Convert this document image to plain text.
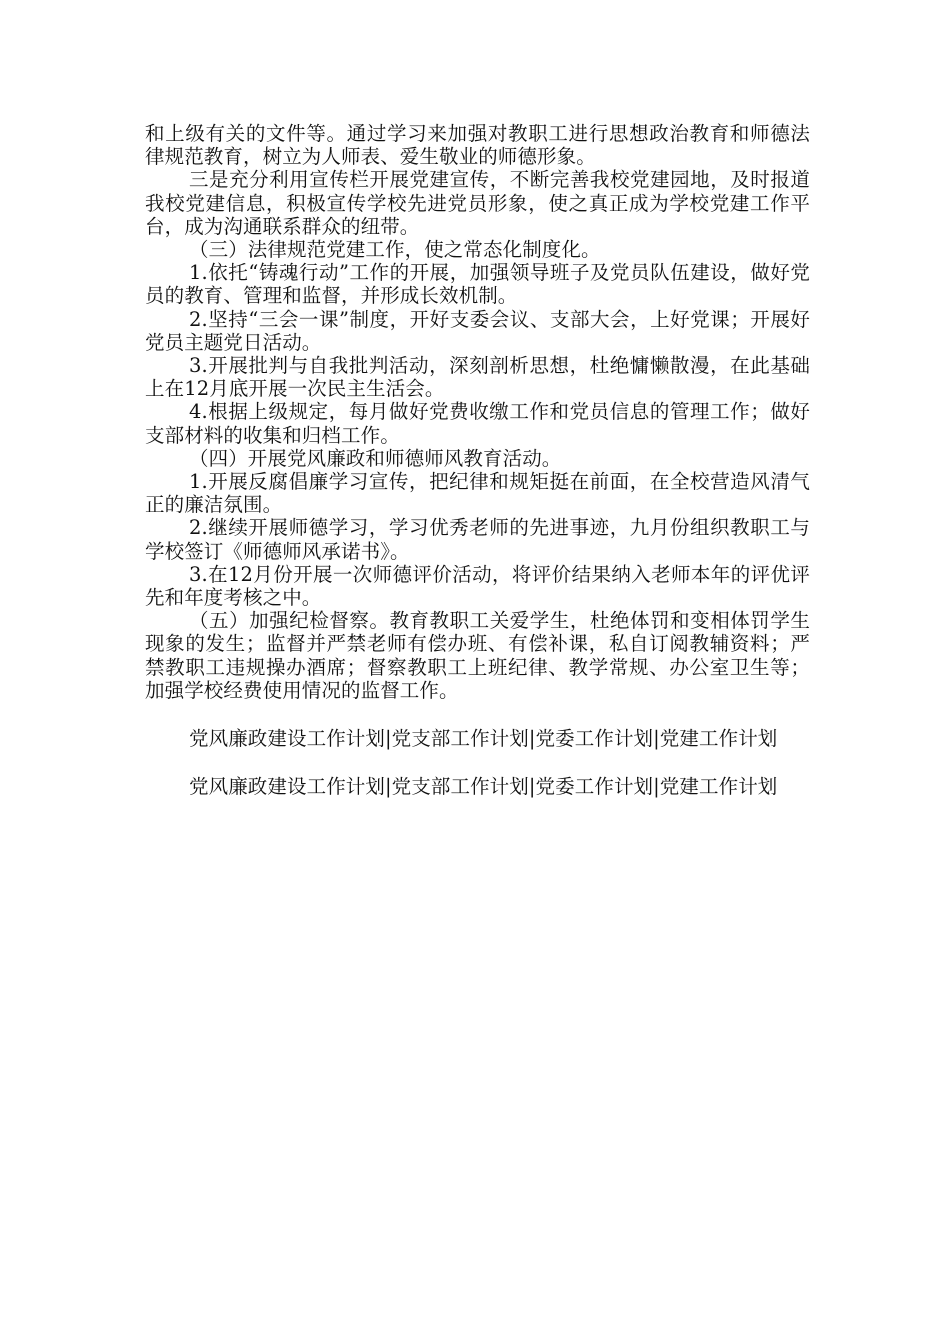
和上级有关的文件等。通过学习来加强对教职工进行思想政治教育和师德法律规范教育，树立为人师表、爱生敬业的师德形象。

三是充分利用宣传栏开展党建宣传，不断完善我校党建园地，及时报道我校党建信息，积极宣传学校先进党员形象，使之真正成为学校党建工作平台，成为沟通联系群众的纽带。

（三）法律规范党建工作，使之常态化制度化。

1.依托“铸魂行动”工作的开展，加强领导班子及党员队伍建设，做好党员的教育、管理和监督，并形成长效机制。

2.坚持“三会一课”制度，开好支委会议、支部大会，上好党课；开展好党员主题党日活动。

3.开展批判与自我批判活动，深刻剖析思想，杜绝慵懒散漫，在此基础上在12月底开展一次民主生活会。

4.根据上级规定，每月做好党费收缴工作和党员信息的管理工作；做好支部材料的收集和归档工作。

（四）开展党风廉政和师德师风教育活动。

1.开展反腐倡廉学习宣传，把纪律和规矩挺在前面，在全校营造风清气正的廉洁氛围。

2.继续开展师德学习，学习优秀老师的先进事迹，九月份组织教职工与学校签订《师德师风承诺书》。

3.在12月份开展一次师德评价活动，将评价结果纳入老师本年的评优评先和年度考核之中。

（五）加强纪检督察。教育教职工关爱学生，杜绝体罚和变相体罚学生现象的发生；监督并严禁老师有偿办班、有偿补课，私自订阅教辅资料；严禁教职工违规操办酒席；督察教职工上班纪律、教学常规、办公室卫生等；加强学校经费使用情况的监督工作。

党风廉政建设工作计划|党支部工作计划|党委工作计划|党建工作计划

党风廉政建设工作计划|党支部工作计划|党委工作计划|党建工作计划
